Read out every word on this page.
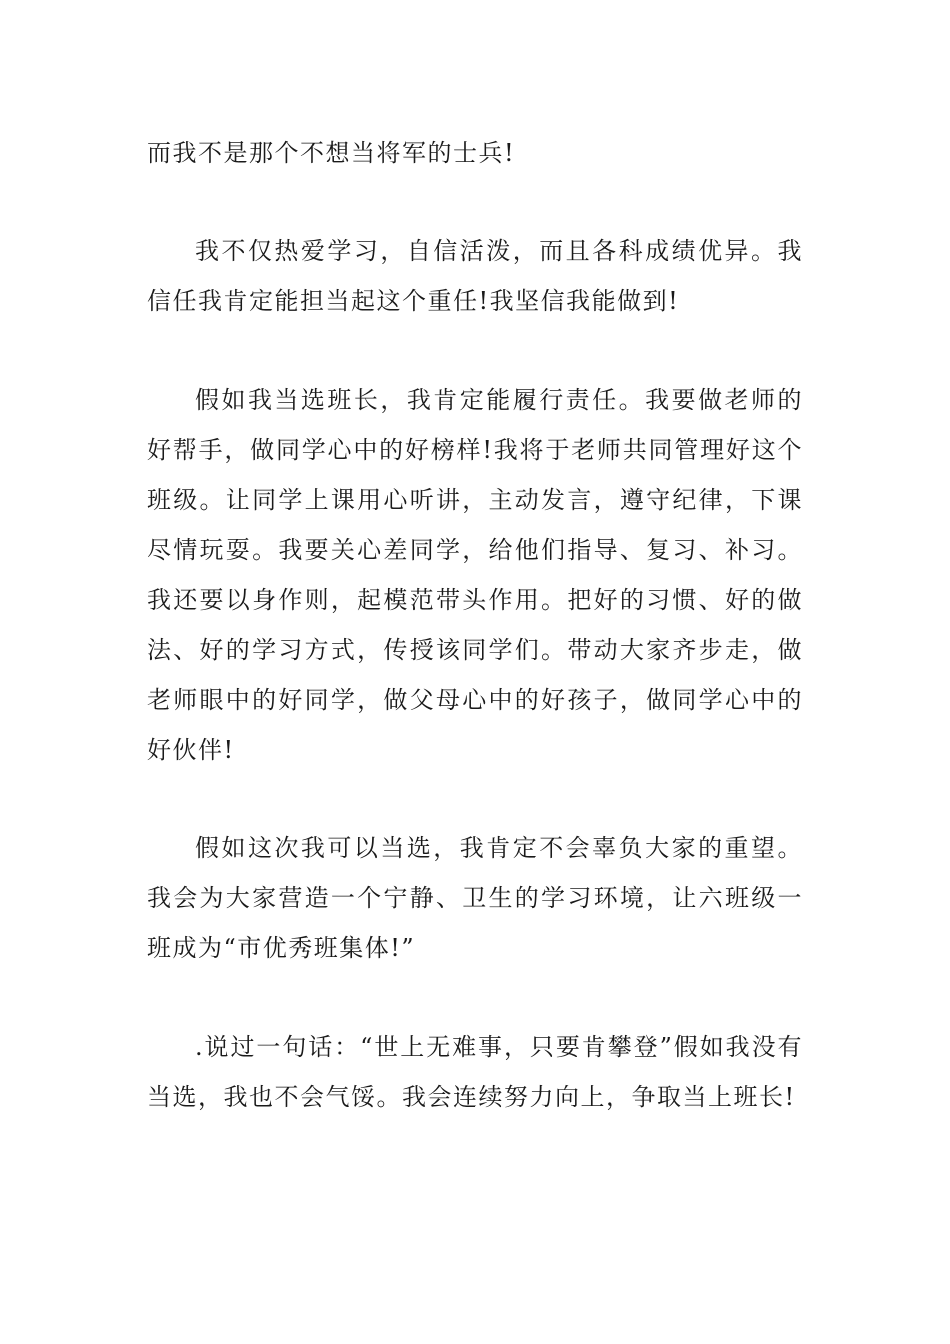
而我不是那个不想当将军的士兵!

我不仅热爱学习，自信活泼，而且各科成绩优异。我信任我肯定能担当起这个重任!我坚信我能做到!

假如我当选班长，我肯定能履行责任。我要做老师的好帮手，做同学心中的好榜样!我将于老师共同管理好这个班级。让同学上课用心听讲，主动发言，遵守纪律，下课尽情玩耍。我要关心差同学，给他们指导、复习、补习。我还要以身作则，起模范带头作用。把好的习惯、好的做法、好的学习方式，传授该同学们。带动大家齐步走，做老师眼中的好同学，做父母心中的好孩子，做同学心中的好伙伴!

假如这次我可以当选，我肯定不会辜负大家的重望。我会为大家营造一个宁静、卫生的学习环境，让六班级一班成为“市优秀班集体!”

.说过一句话：“世上无难事，只要肯攀登”假如我没有当选，我也不会气馁。我会连续努力向上，争取当上班长!
